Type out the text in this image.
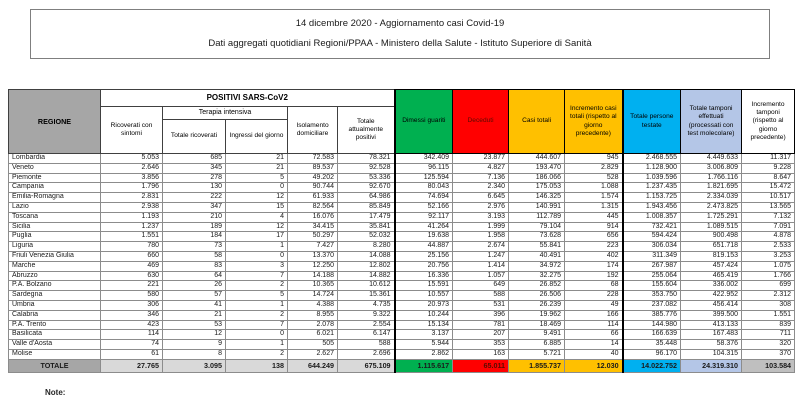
14 dicembre 2020 - Aggiornamento casi Covid-19
Dati aggregati quotidiani Regioni/PPAA - Ministero della Salute - Istituto Superiore di Sanità
REGIONE	POSITIVI SARS-CoV2					Dimessi guariti	Deceduti	Casi totali	Incremento casi totali (rispetto al giorno precedente)	Totale persone testate	Totale tamponi effettuati (processati con test molecolare)	Incremento tamponi (rispetto al giorno precedente)
	Ricoverati con sintomi	Terapia intensiva		Isolamento domiciliare	Totale attualmente positivi							
		Totale ricoverati	Ingressi del giorno									
Lombardia	5.053	685	21	72.583	78.321	342.409	23.877	444.607	945	2.468.555	4.449.633	11.317
Veneto	2.646	345	21	89.537	92.528	96.115	4.827	193.470	2.829	1.128.900	3.006.809	9.228
Piemonte	3.856	278	5	49.202	53.336	125.594	7.136	186.066	528	1.039.596	1.766.116	8.647
Campania	1.796	130	0	90.744	92.670	80.043	2.340	175.053	1.088	1.237.435	1.821.695	15.472
Emilia-Romagna	2.831	222	12	61.933	64.986	74.694	6.645	146.325	1.574	1.153.725	2.334.039	10.517
Lazio	2.938	347	15	82.564	85.849	52.166	2.976	140.991	1.315	1.943.456	2.473.825	13.565
Toscana	1.193	210	4	16.076	17.479	92.117	3.193	112.789	445	1.008.357	1.725.291	7.132
Sicilia	1.237	189	12	34.415	35.841	41.264	1.999	79.104	914	732.421	1.089.515	7.091
Puglia	1.551	184	17	50.297	52.032	19.638	1.958	73.628	656	594.424	900.498	4.878
Liguria	780	73	1	7.427	8.280	44.887	2.674	55.841	223	306.034	651.718	2.533
Friuli Venezia Giulia	660	58	0	13.370	14.088	25.156	1.247	40.491	402	311.349	819.153	3.253
Marche	469	83	3	12.250	12.802	20.756	1.414	34.972	174	267.987	457.424	1.075
Abruzzo	630	64	7	14.188	14.882	16.336	1.057	32.275	192	255.064	465.419	1.766
P.A. Bolzano	221	26	2	10.365	10.612	15.591	649	26.852	68	155.604	336.002	699
Sardegna	580	57	5	14.724	15.361	10.557	588	26.506	228	353.750	422.952	2.312
Umbria	306	41	1	4.388	4.735	20.973	531	26.239	49	237.082	456.414	308
Calabria	346	21	2	8.955	9.322	10.244	396	19.962	166	385.776	399.500	1.551
P.A. Trento	423	53	7	2.078	2.554	15.134	781	18.469	114	144.980	413.133	839
Basilicata	114	12	0	6.021	6.147	3.137	207	9.491	66	166.639	167.483	711
Valle d'Aosta	74	9	1	505	588	5.944	353	6.885	14	35.448	58.376	320
Molise	61	8	2	2.627	2.696	2.862	163	5.721	40	96.170	104.315	370
TOTALE	27.765	3.095	138	644.249	675.109	1.115.617	65.011	1.855.737	12.030	14.022.752	24.319.310	103.584
Note:
